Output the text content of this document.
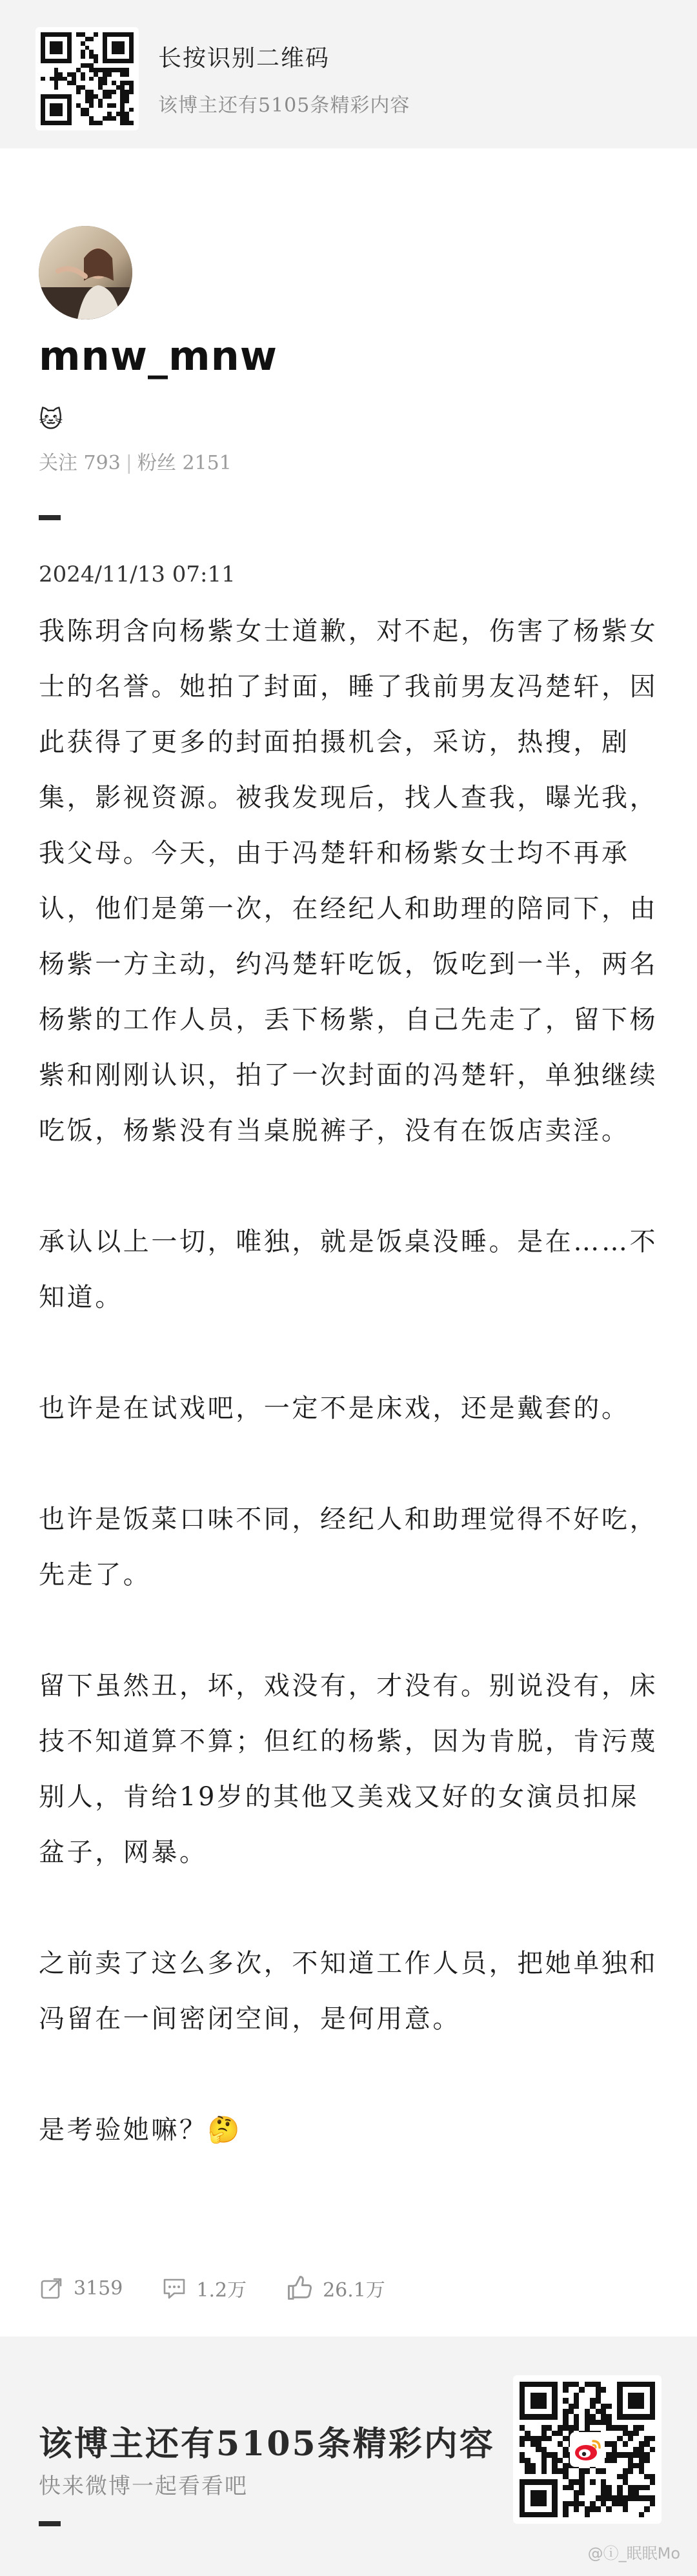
长按识别二维码
该博主还有5105条精彩内容
mnw_mnw
🐱
关注 793 | 粉丝 2151
2024/11/13 07:11

我陈玥含向杨紫女士道歉，对不起，伤害了杨紫女士的名誉。她拍了封面，睡了我前男友冯楚轩，因此获得了更多的封面拍摄机会，采访，热搜，剧集，影视资源。被我发现后，找人查我，曝光我，我父母。今天，由于冯楚轩和杨紫女士均不再承认，他们是第一次，在经纪人和助理的陪同下，由杨紫一方主动，约冯楚轩吃饭，饭吃到一半，两名杨紫的工作人员，丢下杨紫，自己先走了，留下杨紫和刚刚认识，拍了一次封面的冯楚轩，单独继续吃饭，杨紫没有当桌脱裤子，没有在饭店卖淫。

承认以上一切，唯独，就是饭桌没睡。是在……不知道。

也许是在试戏吧，一定不是床戏，还是戴套的。

也许是饭菜口味不同，经纪人和助理觉得不好吃，先走了。

留下虽然丑，坏，戏没有，才没有。别说没有，床技不知道算不算；但红的杨紫，因为肯脱，肯污蔑别人，肯给19岁的其他又美戏又好的女演员扣屎盆子，网暴。

之前卖了这么多次，不知道工作人员，把她单独和冯留在一间密闭空间，是何用意。

是考验她嘛？🤔

3159	1.2万	26.1万
该博主还有5105条精彩内容
快来微博一起看看吧
@ⓘ_眠眠Mo
